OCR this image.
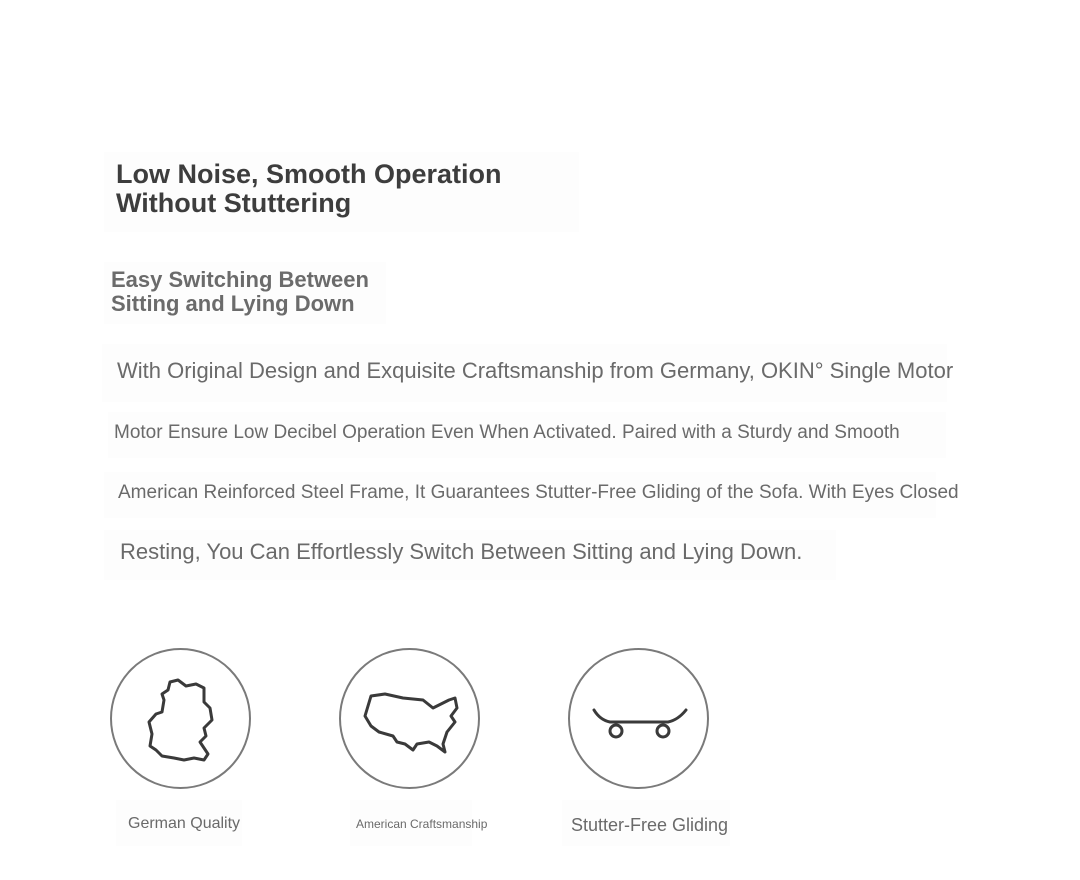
Low Noise, Smooth Operation
Without Stuttering
Easy Switching Between
Sitting and Lying Down
With Original Design and Exquisite Craftsmanship from Germany, OKIN° Single Motor
Motor Ensure Low Decibel Operation Even When Activated. Paired with a Sturdy and Smooth
American Reinforced Steel Frame, It Guarantees Stutter-Free Gliding of the Sofa. With Eyes Closed
Resting, You Can Effortlessly Switch Between Sitting and Lying Down.
German Quality	American Craftsmanship	Stutter-Free Gliding
